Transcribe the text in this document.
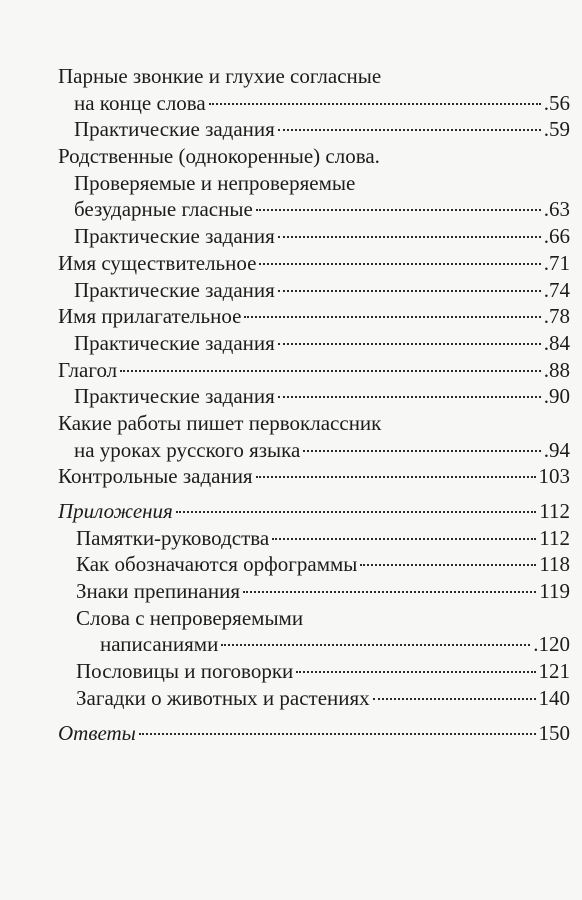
Парные звонкие и глухие согласные
на конце слова	.56
Практические задания	.59
Родственные (однокоренные) слова.
Проверяемые и непроверяемые
безударные гласные	.63
Практические задания	.66
Имя существительное	.71
Практические задания	.74
Имя прилагательное	.78
Практические задания	.84
Глагол	.88
Практические задания	.90
Какие работы пишет первоклассник
на уроках русского языка	.94
Контрольные задания	103
Приложения	112
Памятки-руководства	112
Как обозначаются орфограммы	118
Знаки препинания	119
Слова с непроверяемыми
написаниями	.120
Пословицы и поговорки	121
Загадки о животных и растениях	140
Ответы	150
